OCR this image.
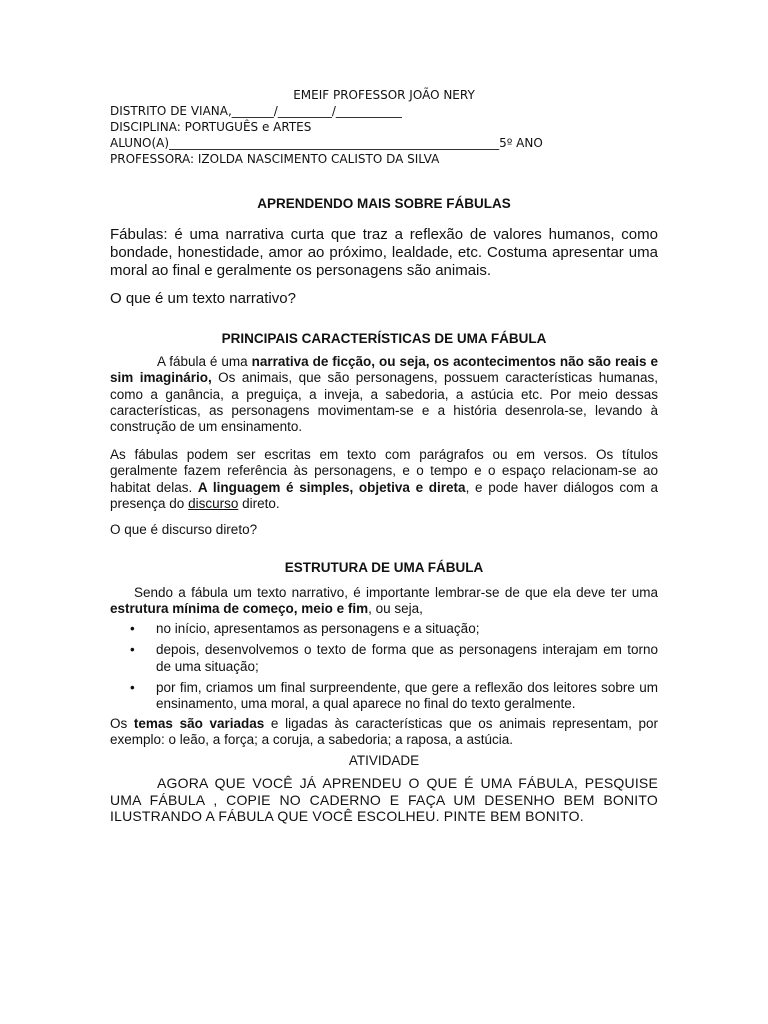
EMEIF PROFESSOR JOÃO NERY
DISTRITO DE VIANA,_______/_________/___________
DISCIPLINA: PORTUGUÊS e ARTES
ALUNO(A)_______________________________________________________5º ANO
PROFESSORA: IZOLDA NASCIMENTO CALISTO DA SILVA
APRENDENDO MAIS SOBRE FÁBULAS
Fábulas: é uma narrativa curta que traz a reflexão de valores humanos, como bondade, honestidade, amor ao próximo, lealdade, etc. Costuma apresentar uma moral ao final e geralmente os personagens são animais.
O que é um texto narrativo?
PRINCIPAIS CARACTERÍSTICAS DE UMA FÁBULA

A fábula é uma narrativa de ficção, ou seja, os acontecimentos não são reais e sim imaginário, Os animais, que são personagens, possuem características humanas, como a ganância, a preguiça, a inveja, a sabedoria, a astúcia etc. Por meio dessas características, as personagens movimentam-se e a história desenrola-se, levando à construção de um ensinamento.

As fábulas podem ser escritas em texto com parágrafos ou em versos. Os títulos geralmente fazem referência às personagens, e o tempo e o espaço relacionam-se ao habitat delas. A linguagem é simples, objetiva e direta, e pode haver diálogos com a presença do discurso direto.

O que é discurso direto?

ESTRUTURA DE UMA FÁBULA

Sendo a fábula um texto narrativo, é importante lembrar-se de que ela deve ter uma estrutura mínima de começo, meio e fim, ou seja,

• no início, apresentamos as personagens e a situação;
• depois, desenvolvemos o texto de forma que as personagens interajam em torno de uma situação;
• por fim, criamos um final surpreendente, que gere a reflexão dos leitores sobre um ensinamento, uma moral, a qual aparece no final do texto geralmente.

Os temas são variadas e ligadas às características que os animais representam, por exemplo: o leão, a força; a coruja, a sabedoria; a raposa, a astúcia.

ATIVIDADE
AGORA QUE VOCÊ JÁ APRENDEU O QUE É UMA FÁBULA, PESQUISE UMA FÁBULA , COPIE NO CADERNO E FAÇA UM DESENHO BEM BONITO ILUSTRANDO A FÁBULA QUE VOCÊ ESCOLHEU. PINTE BEM BONITO.
